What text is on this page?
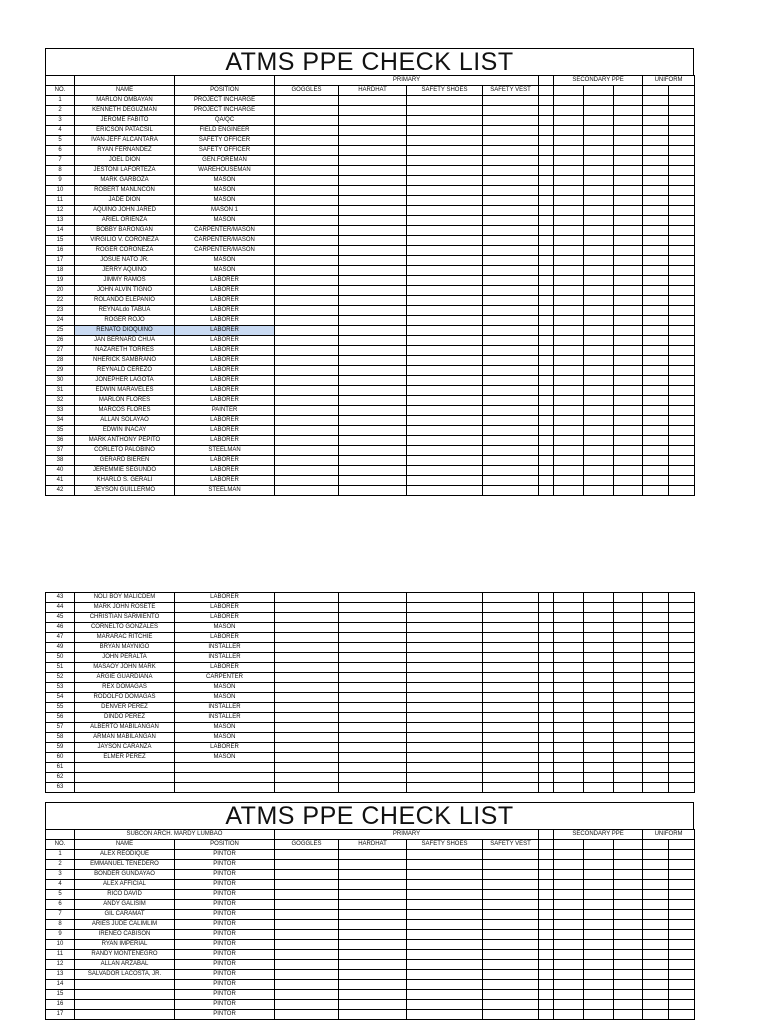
ATMS PPE CHECK LIST
			PRIMARY					SECONDARY PPE			UNIFORM	
NO.	NAME	POSITION	GOGGLES	HARDHAT	SAFETY SHOES	SAFETY VEST						
1	MARLON OMBAYAN	PROJECT INCHARGE										
2	KENNETH DEGUZMAN	PROJECT INCHARGE										
3	JEROME FABITO	QA/QC										
4	ERICSON PATACSIL	FIELD ENGINEER										
5	IVAN-JEFF ALCANTARA	SAFETY OFFICER										
6	RYAN FERNANDEZ	SAFETY OFFICER										
7	JOEL DION	GEN.FOREMAN										
8	JESTONI LAFORTEZA	WAREHOUSEMAN										
9	MARK GARBOZA	MASON										
10	ROBERT MANLNCON	MASON										
11	JADE DION	MASON										
12	AQUINO JOHN JARED	MASON 1										
13	ARIEL ORIENZA	MASON										
14	BOBBY BARONGAN	CARPENTER/MASON										
15	VIRGILIO V. CORONEZA	CARPENTER/MASON										
16	ROGER CORONEZA	CARPENTER/MASON										
17	JOSUE NATO JR.	MASON										
18	JERRY AQUINO	MASON										
19	JIMMY RAMOS	LABORER										
20	JOHN ALVIN TIGNO	LABORER										
22	ROLANDO ELEPANIO	LABORER										
23	REYNALdo TABUA	LABORER										
24	ROGER ROJO	LABORER										
25	RENATO DIOQUINO	LABORER										
26	JAN BERNARD CHUA	LABORER										
27	NAZARETH TORRES	LABORER										
28	NHERICK SAMBRANO	LABORER										
29	REYNALD CEREZO	LABORER										
30	JONEPHER LAGOTA	LABORER										
31	EDWIN MARAVELES	LABORER										
32	MARLON FLORES	LABORER										
33	MARCOS FLORES	PAINTER										
34	ALLAN SOLAYAO	LABORER										
35	EDWIN INACAY	LABORER										
36	MARK ANTHONY PEPITO	LABORER										
37	CORLETO PALOBINO	STEELMAN										
38	GERARD BIEREN	LABORER										
40	JEREMMIE SEGUNDO	LABORER										
41	KHARLO S. GERALI	LABORER										
42	JEYSON GUILLERMO	STEELMAN										
43	NOLI BOY MALICDEM	LABORER										
44	MARK JOHN ROSETE	LABORER										
45	CHRISTIAN SARMIENTO	LABORER										
46	CORNELTO GONZALES	MASON										
47	MARARAC RITCHIE	LABORER										
49	BRYAN MAYNIGO	INSTALLER										
50	JOHN PERALTA	INSTALLER										
51	MASAOY JOHN MARK	LABORER										
52	ARGIE GUARDIANA	CARPENTER										
53	REX DOMAGAS	MASON										
54	RODOLFO DOMAGAS	MASON										
55	DENVER PEREZ	INSTALLER										
56	DINDO PEREZ	INSTALLER										
57	ALBERTO MABILANGAN	MASON										
58	ARMAN MABILANGAN	MASON										
59	JAYSON CARANZA	LABORER										
60	ELMER PEREZ	MASON										
61												
62												
63												
ATMS PPE CHECK LIST
	SUBCON ARCH. MARDY LUMBAO		PRIMARY					SECONDARY PPE			UNIFORM	
NO.	NAME	POSITION	GOGGLES	HARDHAT	SAFETY SHOES	SAFETY VEST						
1	ALEX REODIQUE	PINTOR										
2	EMMANUEL TENEDERO	PINTOR										
3	BONDER GUNDAYAO	PINTOR										
4	ALEX AFFICIAL	PINTOR										
5	RICO DAVID	PINTOR										
6	ANDY GALISIM	PINTOR										
7	GIL CARAMAT	PINTOR										
8	ARIES JUDE CALIMLIM	PINTOR										
9	IRENEO CABISON	PINTOR										
10	RYAN IMPERIAL	PINTOR										
11	RANDY MONTENEGRO	PINTOR										
12	ALLAN ARZABAL	PINTOR										
13	SALVADOR LACOSTA, JR.	PINTOR										
14		PINTOR										
15		PINTOR										
16		PINTOR										
17		PINTOR										
